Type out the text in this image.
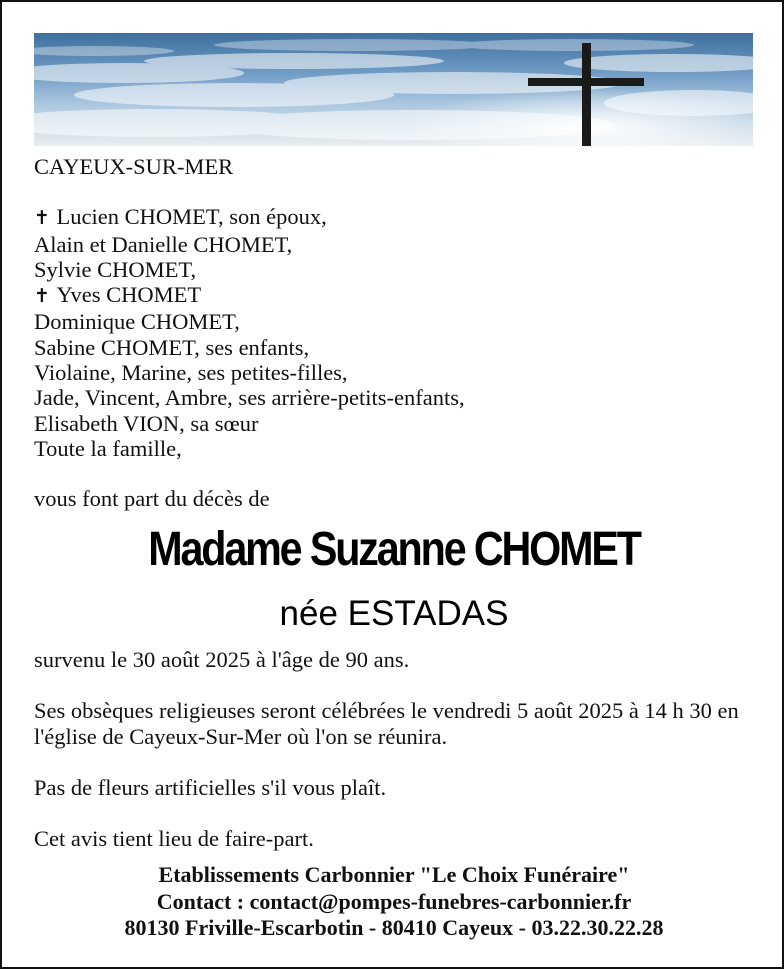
CAYEUX-SUR-MER

✝ Lucien CHOMET, son époux,

Alain et Danielle CHOMET,

Sylvie CHOMET,

✝ Yves CHOMET

Dominique CHOMET,

Sabine CHOMET, ses enfants,

Violaine, Marine, ses petites-filles,

Jade, Vincent, Ambre, ses arrière-petits-enfants,

Elisabeth VION, sa sœur

Toute la famille,

vous font part du décès de

Madame Suzanne CHOMET
née ESTADAS

survenu le 30 août 2025 à l'âge de 90 ans.

Ses obsèques religieuses seront célébrées le vendredi 5 août 2025 à 14 h 30 en l'église de Cayeux-Sur-Mer où l'on se réunira.

Pas de fleurs artificielles s'il vous plaît.

Cet avis tient lieu de faire-part.

Etablissements Carbonnier "Le Choix Funéraire"
Contact : contact@pompes-funebres-carbonnier.fr
80130 Friville-Escarbotin - 80410 Cayeux - 03.22.30.22.28
